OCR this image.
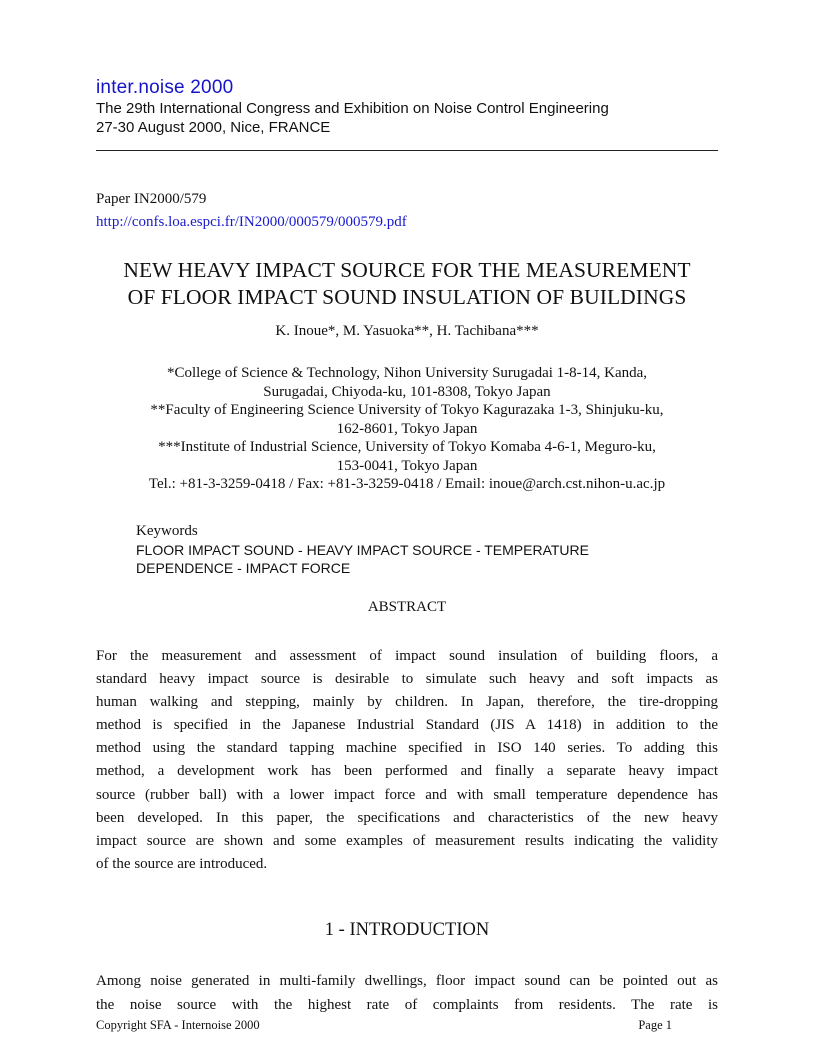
inter.noise 2000
The 29th International Congress and Exhibition on Noise Control Engineering
27-30 August 2000, Nice, FRANCE
Paper IN2000/579
http://confs.loa.espci.fr/IN2000/000579/000579.pdf
NEW HEAVY IMPACT SOURCE FOR THE MEASUREMENT
OF FLOOR IMPACT SOUND INSULATION OF BUILDINGS
K. Inoue*, M. Yasuoka**, H. Tachibana***
*College of Science & Technology, Nihon University Surugadai 1-8-14, Kanda,
Surugadai, Chiyoda-ku, 101-8308, Tokyo Japan
**Faculty of Engineering Science University of Tokyo Kagurazaka 1-3, Shinjuku-ku,
162-8601, Tokyo Japan
***Institute of Industrial Science, University of Tokyo Komaba 4-6-1, Meguro-ku,
153-0041, Tokyo Japan
Tel.: +81-3-3259-0418 / Fax: +81-3-3259-0418 / Email: inoue@arch.cst.nihon-u.ac.jp
Keywords
FLOOR IMPACT SOUND - HEAVY IMPACT SOURCE - TEMPERATURE
DEPENDENCE - IMPACT FORCE
ABSTRACT
For the measurement and assessment of impact sound insulation of building floors, a
standard heavy impact source is desirable to simulate such heavy and soft impacts as
human walking and stepping, mainly by children. In Japan, therefore, the tire-dropping
method is specified in the Japanese Industrial Standard (JIS A 1418) in addition to the
method using the standard tapping machine specified in ISO 140 series. To adding this
method, a development work has been performed and finally a separate heavy impact
source (rubber ball) with a lower impact force and with small temperature dependence has
been developed. In this paper, the specifications and characteristics of the new heavy
impact source are shown and some examples of measurement results indicating the validity
of the source are introduced.
1 - INTRODUCTION
Among noise generated in multi-family dwellings, floor impact sound can be pointed out as
the noise source with the highest rate of complaints from residents. The rate is
Copyright SFA - Internoise 2000	Page 1
